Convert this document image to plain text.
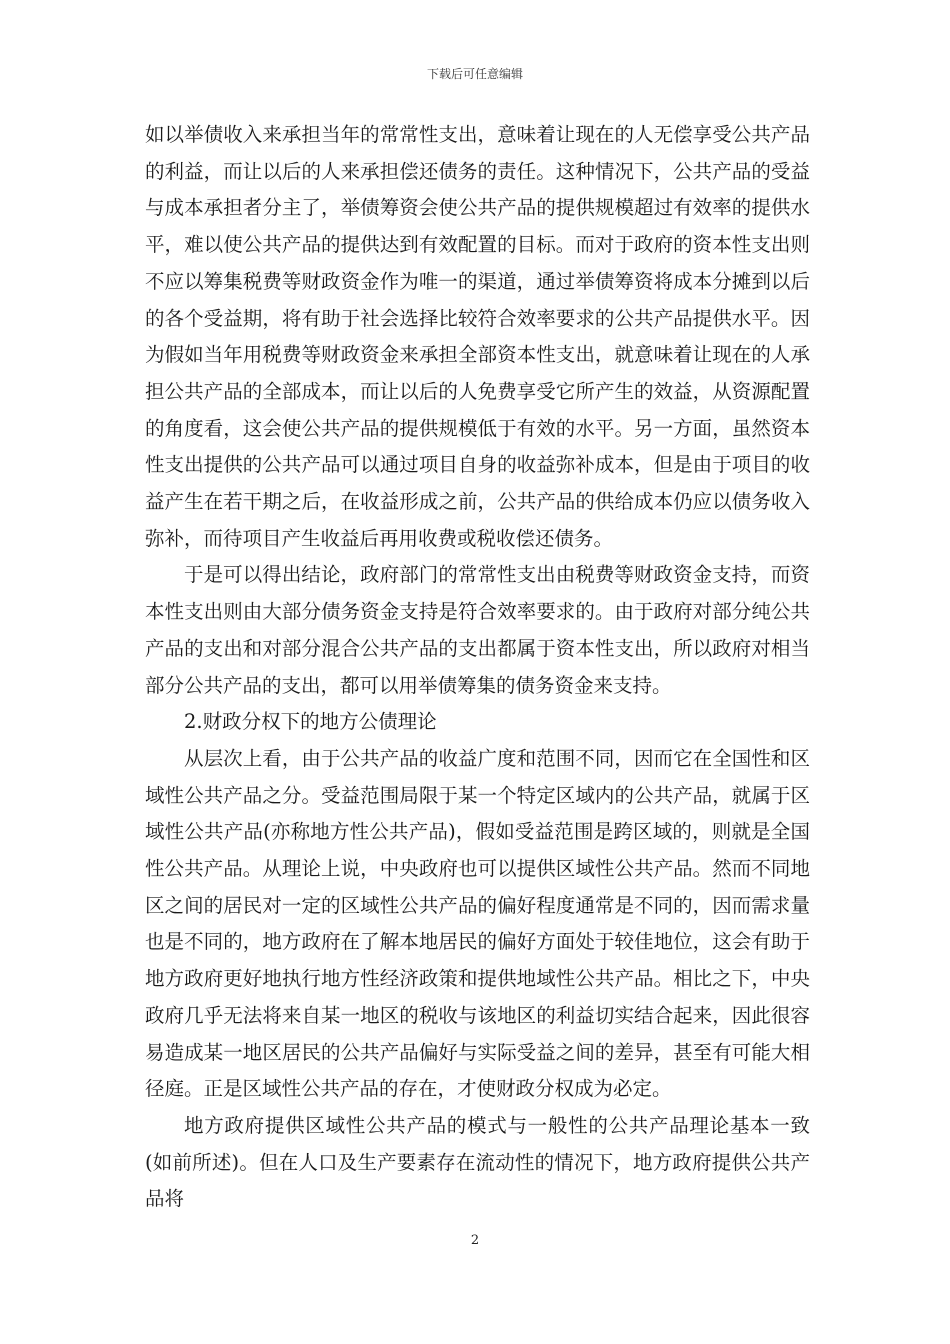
下载后可任意编辑

如以举债收入来承担当年的常常性支出，意味着让现在的人无偿享受公共产品的利益，而让以后的人来承担偿还债务的责任。这种情况下，公共产品的受益与成本承担者分主了，举债筹资会使公共产品的提供规模超过有效率的提供水平，难以使公共产品的提供达到有效配置的目标。而对于政府的资本性支出则不应以筹集税费等财政资金作为唯一的渠道，通过举债筹资将成本分摊到以后的各个受益期，将有助于社会选择比较符合效率要求的公共产品提供水平。因为假如当年用税费等财政资金来承担全部资本性支出，就意味着让现在的人承担公共产品的全部成本，而让以后的人免费享受它所产生的效益，从资源配置的角度看，这会使公共产品的提供规模低于有效的水平。另一方面，虽然资本性支出提供的公共产品可以通过项目自身的收益弥补成本，但是由于项目的收益产生在若干期之后，在收益形成之前，公共产品的供给成本仍应以债务收入弥补，而待项目产生收益后再用收费或税收偿还债务。

于是可以得出结论，政府部门的常常性支出由税费等财政资金支持，而资本性支出则由大部分债务资金支持是符合效率要求的。由于政府对部分纯公共产品的支出和对部分混合公共产品的支出都属于资本性支出，所以政府对相当部分公共产品的支出，都可以用举债筹集的债务资金来支持。

2.财政分权下的地方公债理论

从层次上看，由于公共产品的收益广度和范围不同，因而它在全国性和区域性公共产品之分。受益范围局限于某一个特定区域内的公共产品，就属于区域性公共产品(亦称地方性公共产品)，假如受益范围是跨区域的，则就是全国性公共产品。从理论上说，中央政府也可以提供区域性公共产品。然而不同地区之间的居民对一定的区域性公共产品的偏好程度通常是不同的，因而需求量也是不同的，地方政府在了解本地居民的偏好方面处于较佳地位，这会有助于地方政府更好地执行地方性经济政策和提供地域性公共产品。相比之下，中央政府几乎无法将来自某一地区的税收与该地区的利益切实结合起来，因此很容易造成某一地区居民的公共产品偏好与实际受益之间的差异，甚至有可能大相径庭。正是区域性公共产品的存在，才使财政分权成为必定。

地方政府提供区域性公共产品的模式与一般性的公共产品理论基本一致(如前所述)。但在人口及生产要素存在流动性的情况下，地方政府提供公共产品将

2
